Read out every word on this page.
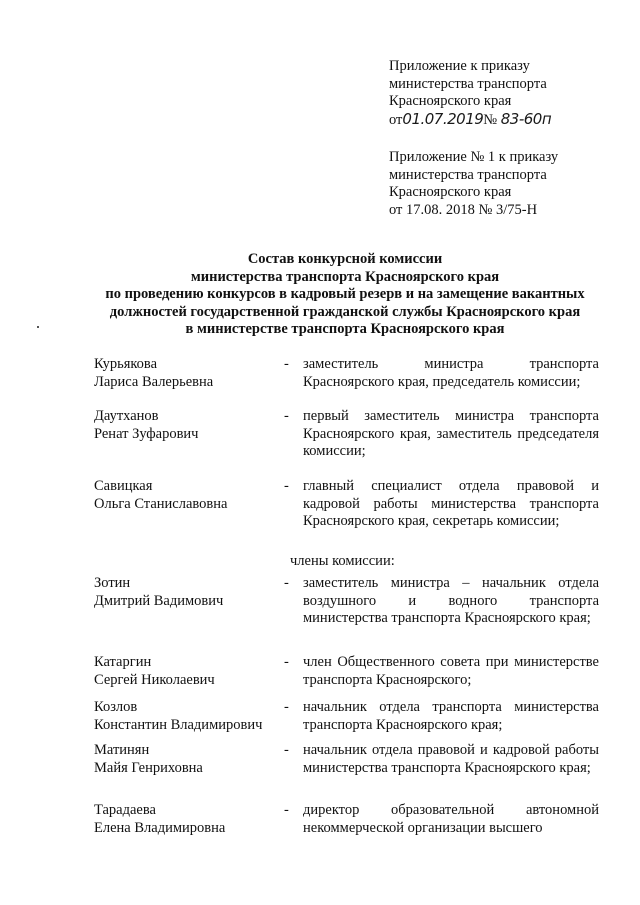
Приложение к приказу
министерства транспорта
Красноярского края
от01.07.2019№ 83-60п
Приложение № 1 к приказу
министерства транспорта
Красноярского края
от 17.08. 2018 № 3/75-Н
Состав конкурсной комиссии
министерства транспорта Красноярского края
по проведению конкурсов в кадровый резерв и на замещение вакантных
должностей государственной гражданской службы Красноярского края
в министерстве транспорта Красноярского края
члены комиссии:
Курьякова
Лариса Валерьевна
- заместитель министра транспорта Красноярского края, председатель комиссии;
Даутханов
Ренат Зуфарович
- первый заместитель министра транспорта Красноярского края, заместитель председателя комиссии;
Савицкая
Ольга Станиславовна
- главный специалист отдела правовой и кадровой работы министерства транспорта Красноярского края, секретарь комиссии;
Зотин
Дмитрий Вадимович
- заместитель министра – начальник отдела воздушного и водного транспорта министерства транспорта Красноярского края;
Катаргин
Сергей Николаевич
- член Общественного совета при министерстве транспорта Красноярского;
Козлов
Константин Владимирович
- начальник отдела транспорта министерства транспорта Красноярского края;
Матинян
Майя Генриховна
- начальник отдела правовой и кадровой работы министерства транспорта Красноярского края;
Тарадаева
Елена Владимировна
- директор образовательной автономной некоммерческой организации высшего
